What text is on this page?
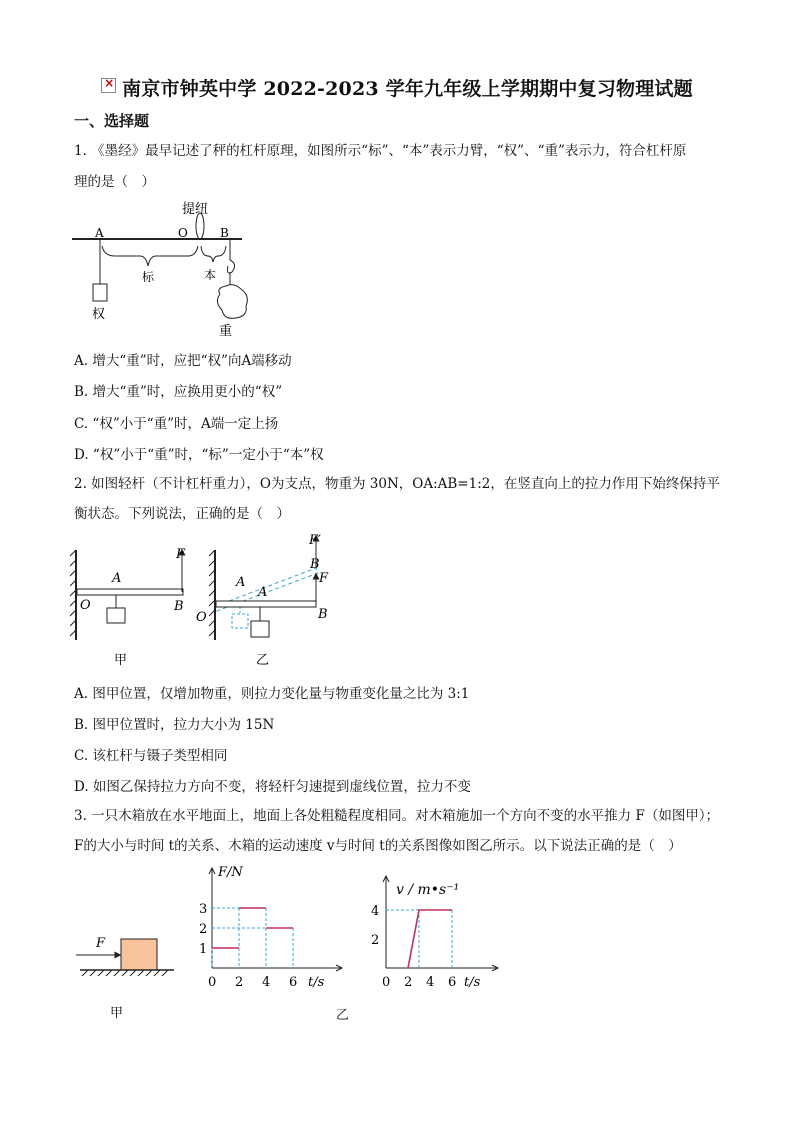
×南京市钟英中学 2022-2023 学年九年级上学期期中复习物理试题
一、选择题
1. 《墨经》最早记述了秤的杠杆原理，如图所示“标”、“本”表示力臂，“权”、“重”表示力，符合杠杆原
理的是（　）
提纽
A	O	B
权
标	本
重
A. 增大“重”时，应把“权”向A端移动
B. 增大“重”时，应换用更小的“权”
C. “权”小于“重”时，A端一定上扬
D. “权”小于“重”时，“标”一定小于“本”权
2. 如图轻杆（不计杠杆重力），O为支点，物重为 30N，OA:AB=1:2，在竖直向上的拉力作用下始终保持平
衡状态。下列说法，正确的是（　）
F
A
O	B
甲
F′
A
B
F
A
O	B
乙
A. 图甲位置，仅增加物重，则拉力变化量与物重变化量之比为 3:1
B. 图甲位置时，拉力大小为 15N
C. 该杠杆与镊子类型相同
D. 如图乙保持拉力方向不变，将轻杆匀速提到虚线位置，拉力不变
3. 一只木箱放在水平地面上，地面上各处粗糙程度相同。对木箱施加一个方向不变的水平推力 F（如图甲）；
F的大小与时间 t的关系、木箱的运动速度 v与时间 t的关系图像如图乙所示。以下说法正确的是（　）
F
甲
F/N
t/s
0 2 4 6
1
2
3
v / m•s⁻¹
t/s
0 2 4 6
2
4
乙
